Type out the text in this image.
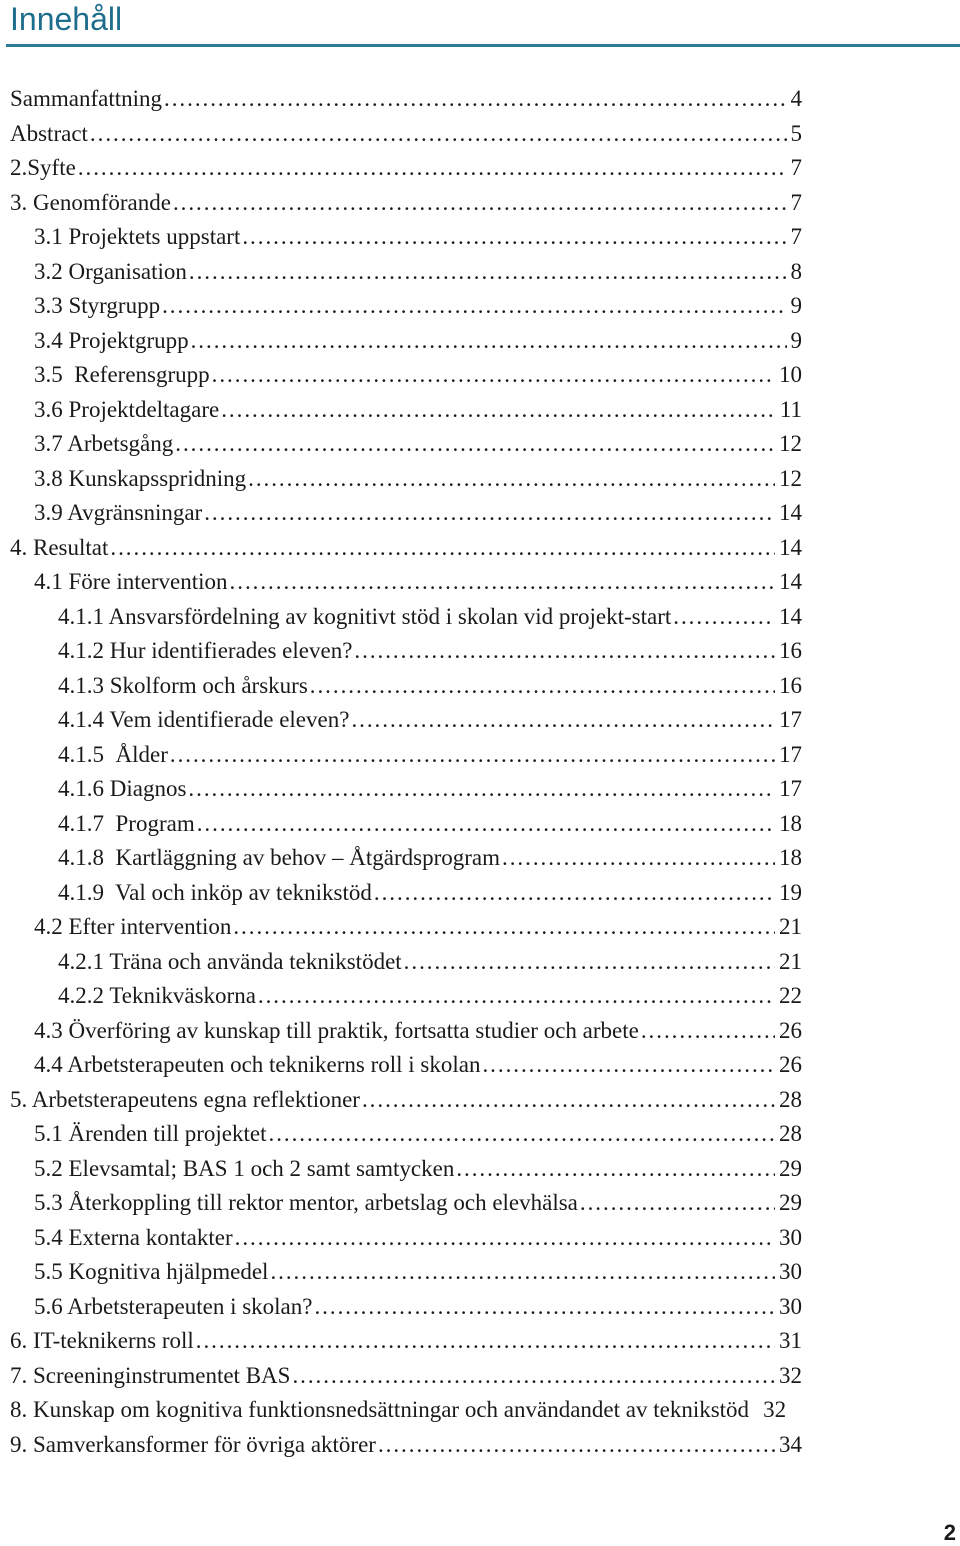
Innehåll
Sammanfattning . . .	4
Abstract . . .	5
2.Syfte . . .	7
3. Genomförande . . .	7
3.1 Projektets uppstart . . .	7
3.2 Organisation . . .	8
3.3 Styrgrupp . . .	9
3.4 Projektgrupp . . .	9
3.5  Referensgrupp . . .	10
3.6 Projektdeltagare . . .	11
3.7 Arbetsgång . . .	12
3.8 Kunskapsspridning . . .	12
3.9 Avgränsningar . . .	14
4. Resultat . . .	14
4.1 Före intervention . . .	14
4.1.1 Ansvarsfördelning av kognitivt stöd i skolan vid projekt-start . . .	14
4.1.2 Hur identifierades eleven? . . .	16
4.1.3 Skolform och årskurs . . .	16
4.1.4 Vem identifierade eleven? . . .	17
4.1.5  Ålder . . .	17
4.1.6 Diagnos . . .	17
4.1.7  Program . . .	18
4.1.8  Kartläggning av behov – Åtgärdsprogram . . .	18
4.1.9  Val och inköp av teknikstöd . . .	19
4.2 Efter intervention . . .	21
4.2.1 Träna och använda teknikstödet . . .	21
4.2.2 Teknikväskorna . . .	22
4.3 Överföring av kunskap till praktik, fortsatta studier och arbete . . .	26
4.4 Arbetsterapeuten och teknikerns roll i skolan . . .	26
5. Arbetsterapeutens egna reflektioner . . .	28
5.1 Ärenden till projektet . . .	28
5.2 Elevsamtal; BAS 1 och 2 samt samtycken . . .	29
5.3 Återkoppling till rektor mentor, arbetslag och elevhälsa . . .	29
5.4 Externa kontakter . . .	30
5.5 Kognitiva hjälpmedel . . .	30
5.6 Arbetsterapeuten i skolan? . . .	30
6. IT-teknikerns roll . . .	31
7. Screeninginstrumentet BAS . . .	32
8. Kunskap om kognitiva funktionsnedsättningar och användandet av teknikstöd 32
9. Samverkansformer för övriga aktörer . . .	34
2
